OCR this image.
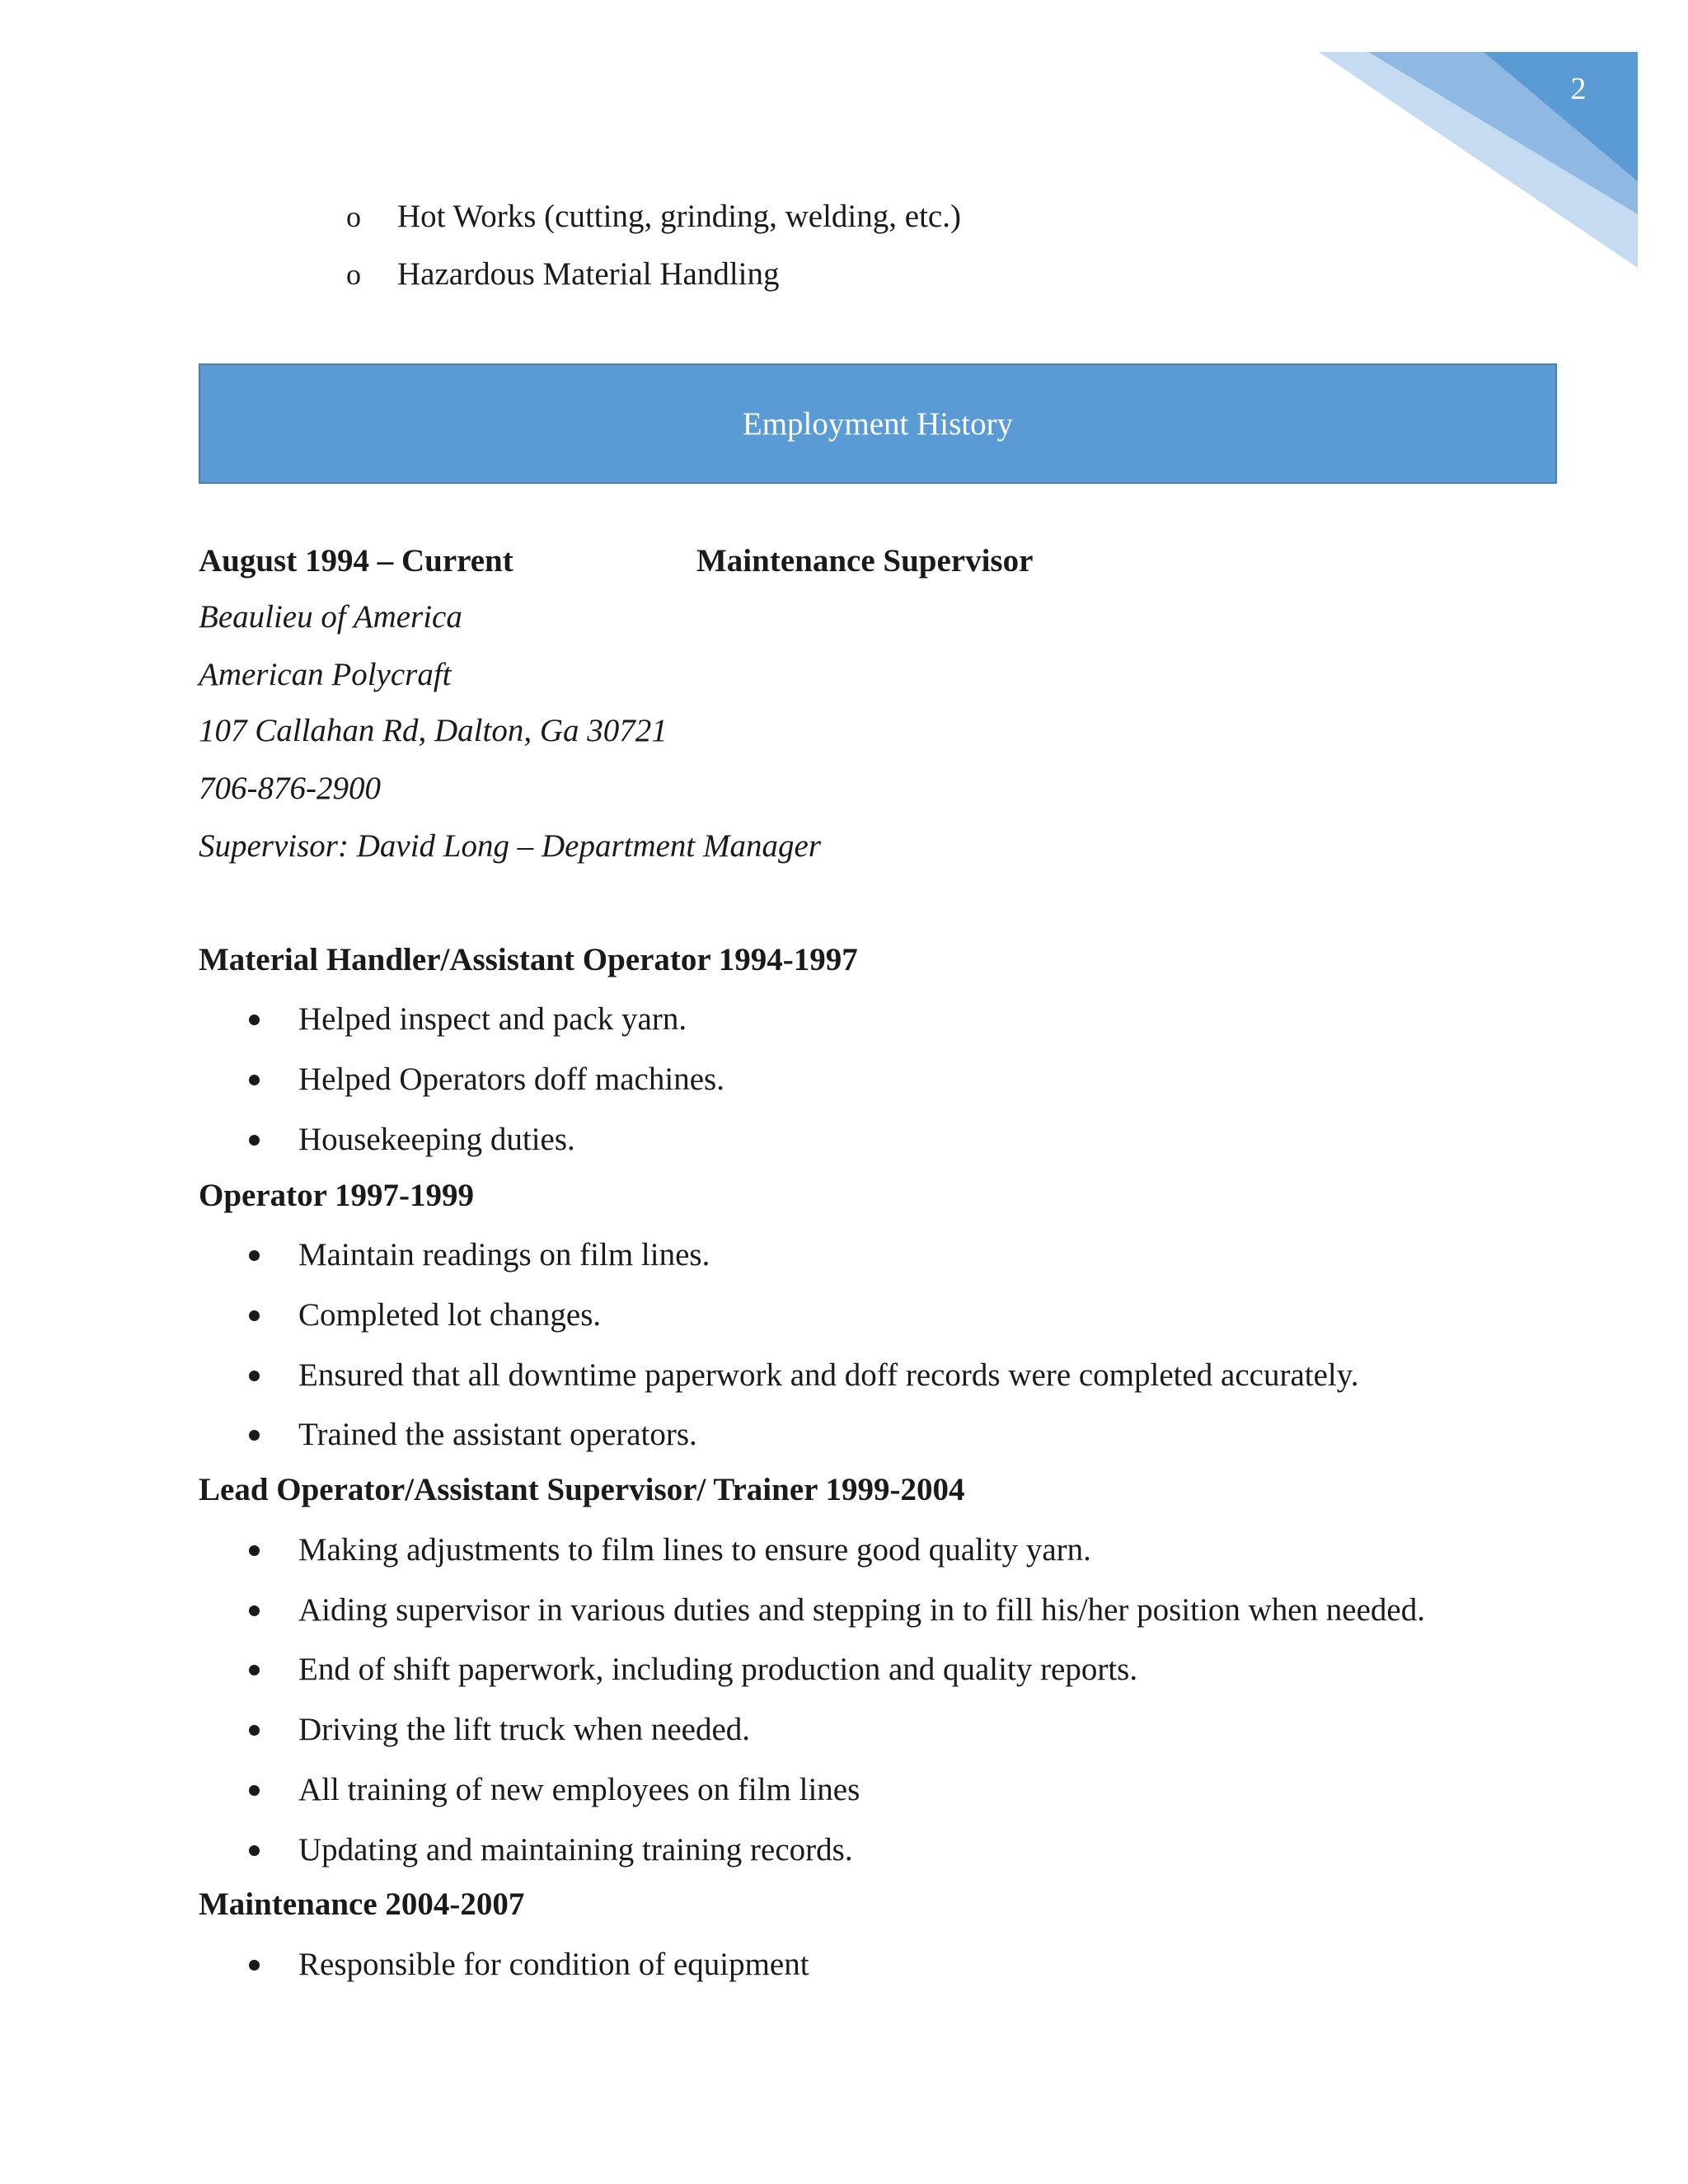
2
o Hot Works (cutting, grinding, welding, etc.)
o Hazardous Material Handling
Employment History
August 1994 – Current	Maintenance Supervisor
Beaulieu of America
American Polycraft
107 Callahan Rd, Dalton, Ga 30721
706-876-2900
Supervisor: David Long – Department Manager
Material Handler/Assistant Operator 1994-1997
Helped inspect and pack yarn.
Helped Operators doff machines.
Housekeeping duties.
Operator 1997-1999
Maintain readings on film lines.
Completed lot changes.
Ensured that all downtime paperwork and doff records were completed accurately.
Trained the assistant operators.
Lead Operator/Assistant Supervisor/ Trainer 1999-2004
Making adjustments to film lines to ensure good quality yarn.
Aiding supervisor in various duties and stepping in to fill his/her position when needed.
End of shift paperwork, including production and quality reports.
Driving the lift truck when needed.
All training of new employees on film lines
Updating and maintaining training records.
Maintenance 2004-2007
Responsible for condition of equipment
